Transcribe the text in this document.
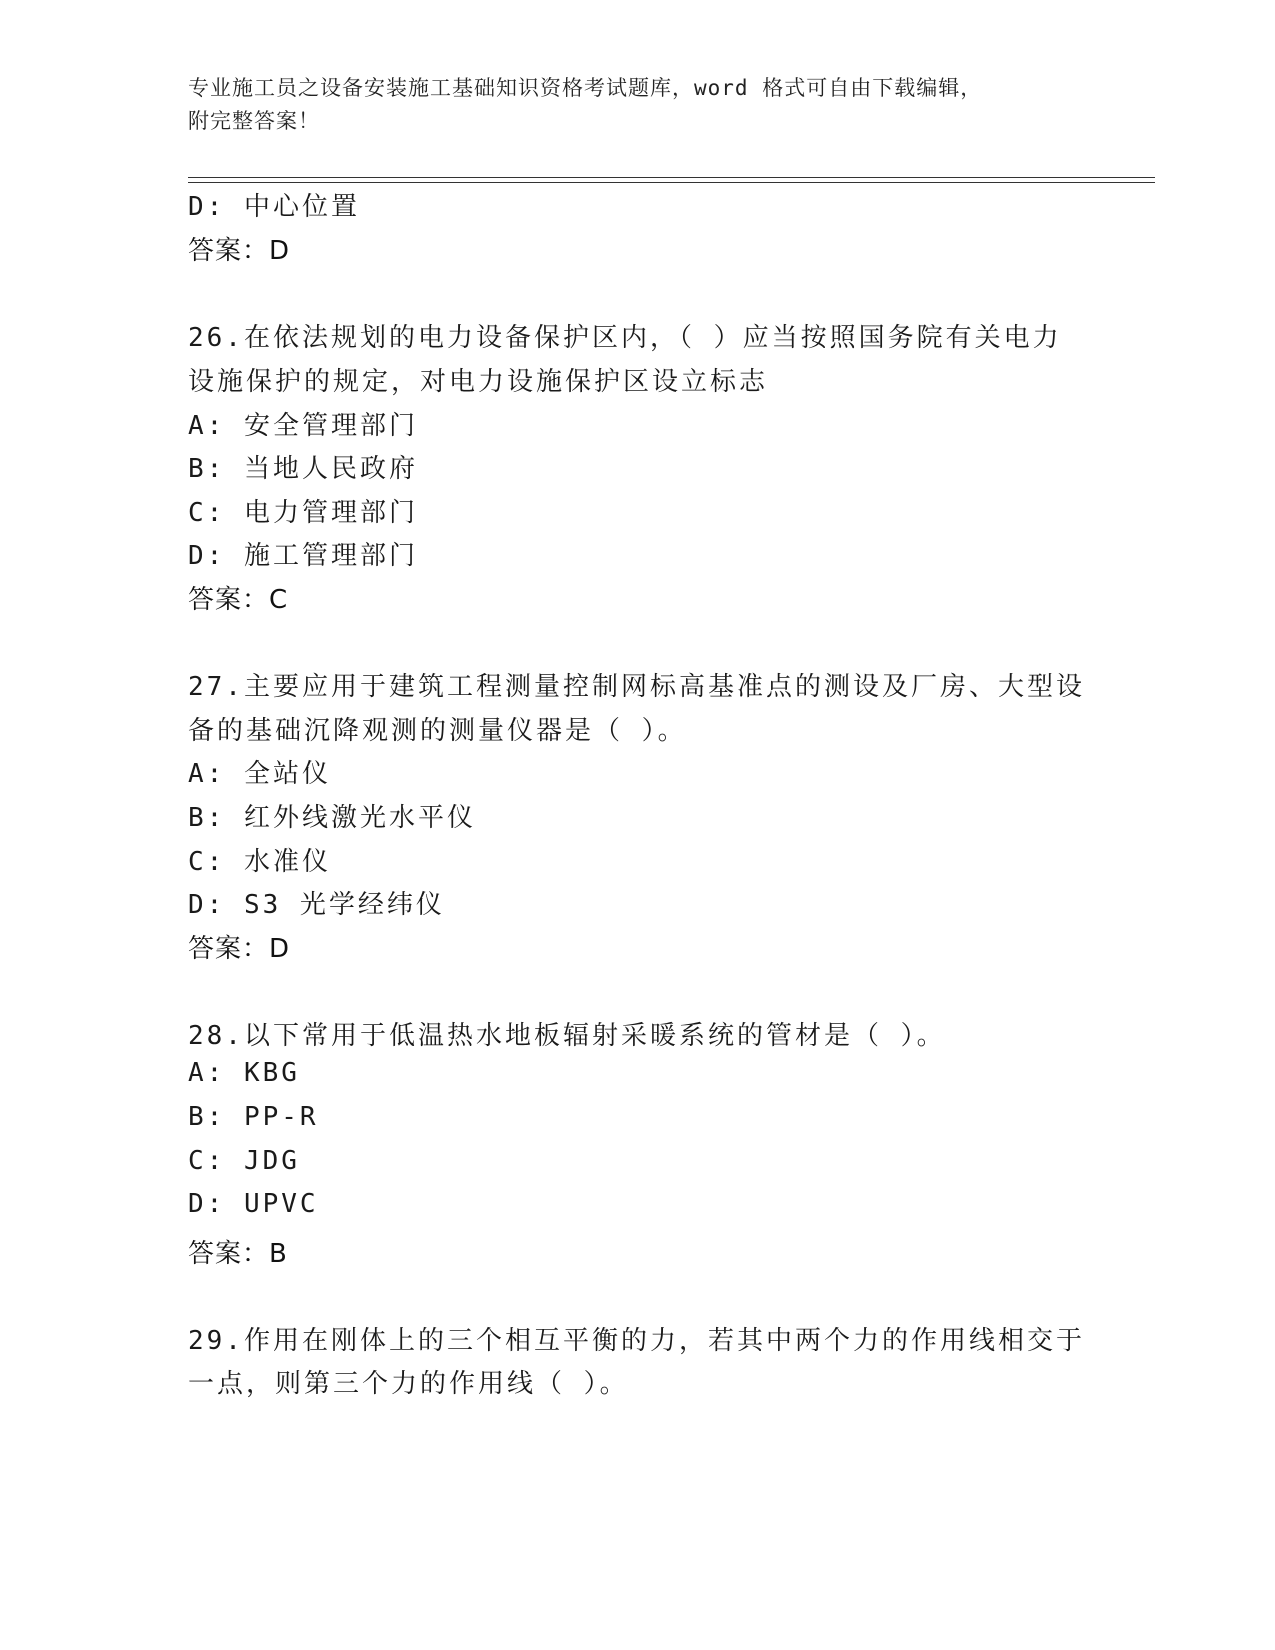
专业施工员之设备安装施工基础知识资格考试题库，word 格式可自由下载编辑，
附完整答案！
D: 中心位置
答案：D
26.在依法规划的电力设备保护区内，（ ）应当按照国务院有关电力
设施保护的规定，对电力设施保护区设立标志
A: 安全管理部门
B: 当地人民政府
C: 电力管理部门
D: 施工管理部门
答案：C
27.主要应用于建筑工程测量控制网标高基准点的测设及厂房、大型设
备的基础沉降观测的测量仪器是（ ）。
A: 全站仪
B: 红外线激光水平仪
C: 水准仪
D: S3 光学经纬仪
答案：D
28.以下常用于低温热水地板辐射采暖系统的管材是（ ）。
A: KBG
B: PP-R
C: JDG
D: UPVC
答案：B
29.作用在刚体上的三个相互平衡的力，若其中两个力的作用线相交于
一点，则第三个力的作用线（ ）。
